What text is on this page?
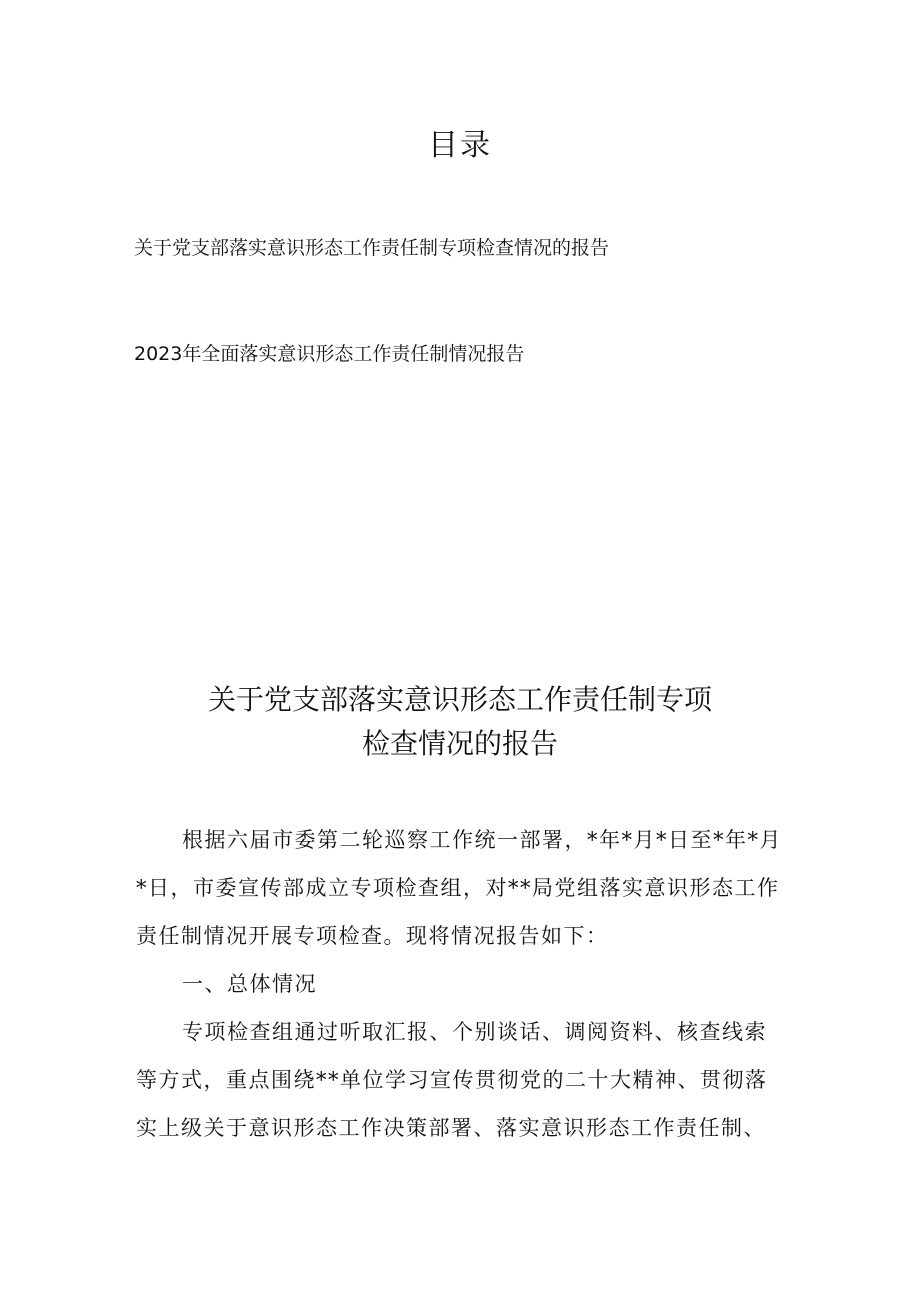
目录
关于党支部落实意识形态工作责任制专项检查情况的报告
2023年全面落实意识形态工作责任制情况报告
关于党支部落实意识形态工作责任制专项
检查情况的报告
根据六届市委第二轮巡察工作统一部署，*年*月*日至*年*月
*日，市委宣传部成立专项检查组，对**局党组落实意识形态工作
责任制情况开展专项检查。现将情况报告如下：
一、总体情况
专项检查组通过听取汇报、个别谈话、调阅资料、核查线索
等方式，重点围绕**单位学习宣传贯彻党的二十大精神、贯彻落
实上级关于意识形态工作决策部署、落实意识形态工作责任制、
